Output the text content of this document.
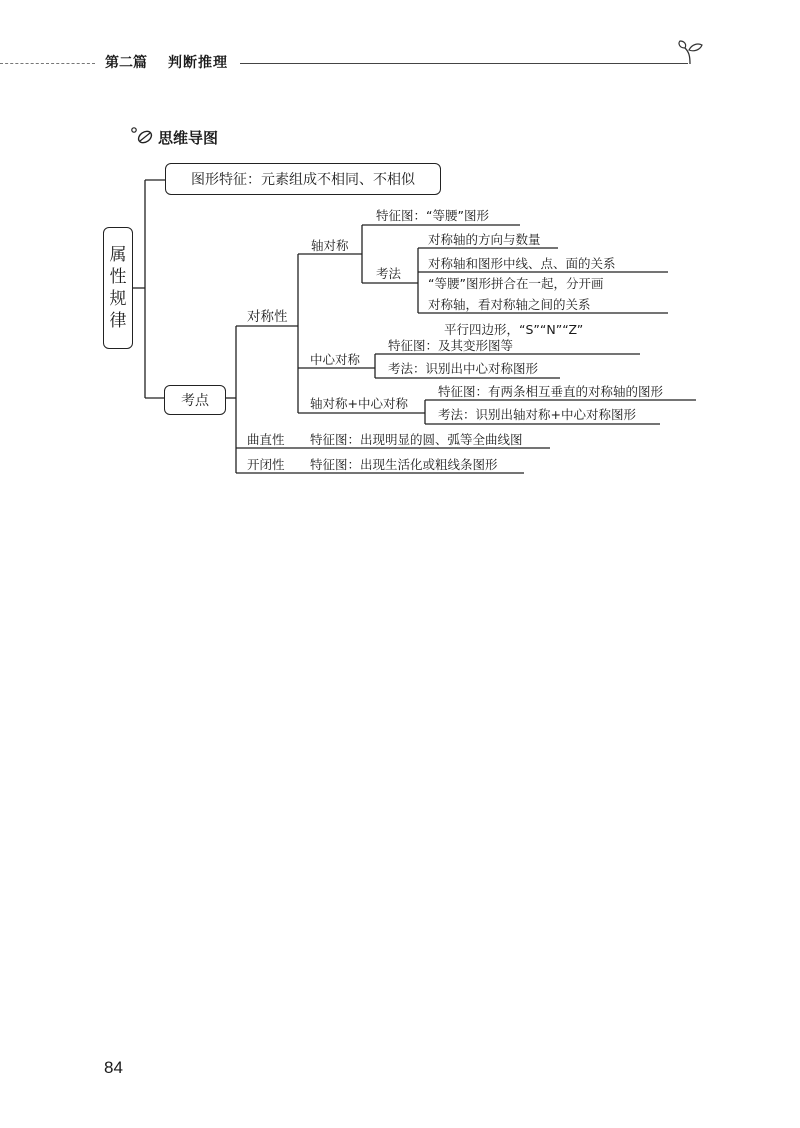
第二篇 判断推理
思维导图
属
性
规
律
图形特征：元素组成不相同、不相似
考点
对称性
轴对称
特征图：“等腰”图形
考法
对称轴的方向与数量
对称轴和图形中线、点、面的关系
“等腰”图形拼合在一起，分开画
对称轴，看对称轴之间的关系
中心对称
平行四边形，“S”“N”“Z”
特征图：及其变形图等
考法：识别出中心对称图形
轴对称+中心对称
特征图：有两条相互垂直的对称轴的图形
考法：识别出轴对称+中心对称图形
曲直性 特征图：出现明显的圆、弧等全曲线图
开闭性 特征图：出现生活化或粗线条图形
84
